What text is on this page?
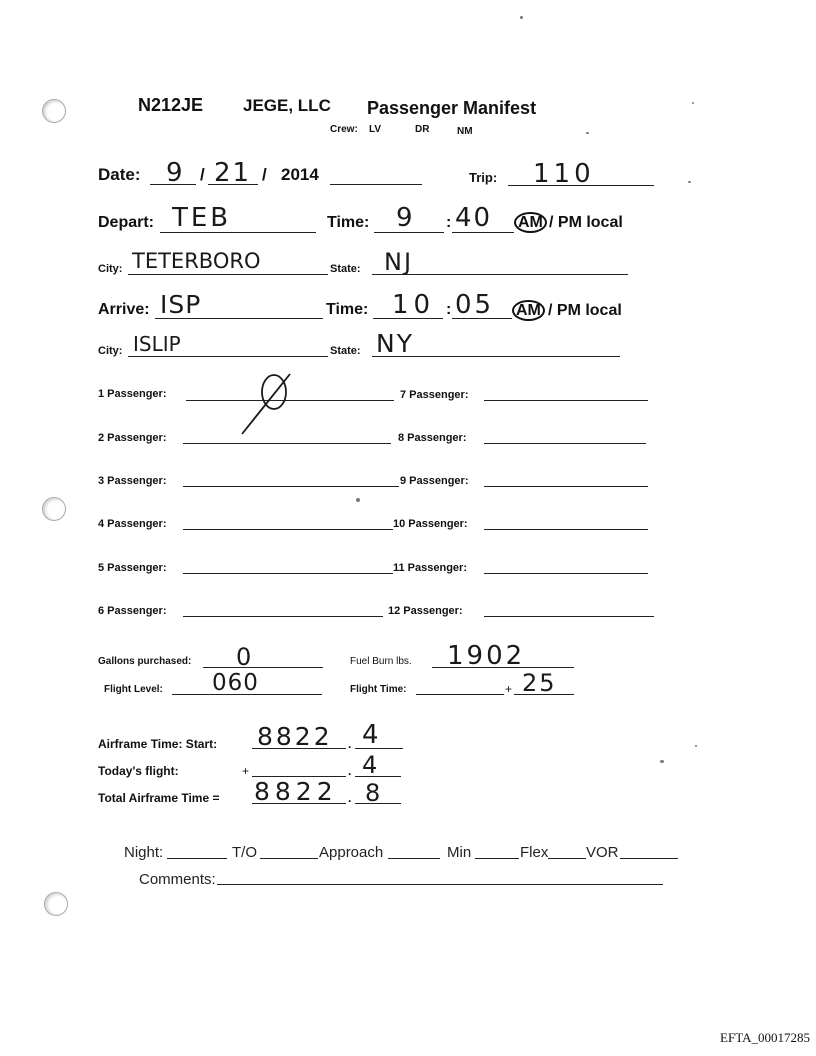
N212JE JEGE, LLC Passenger Manifest
Crew: LV	DR	NM
Date: 9 / 21 / 2014	Trip: 110
Depart: TEB	Time: 9 : 40 AM / PM local
City: TETERBORO	State: NJ
Arrive: ISP	Time: 10 : 05 AM / PM local
City: ISLIP	State: NY
1 Passenger:
2 Passenger:
3 Passenger:
4 Passenger:
5 Passenger:
6 Passenger:
7 Passenger:
8 Passenger:
9 Passenger:
10 Passenger:
11 Passenger:
12 Passenger:
Gallons purchased: 0	Fuel Burn lbs. 1902
Flight Level: 060	Flight Time:	+ 25
Airframe Time: Start: 8822 . 4
Today's flight:	+	. 4
Total Airframe Time = 8822 . 8
Night:	T/O	Approach	Min	Flex	VOR
Comments:
EFTA_00017285
